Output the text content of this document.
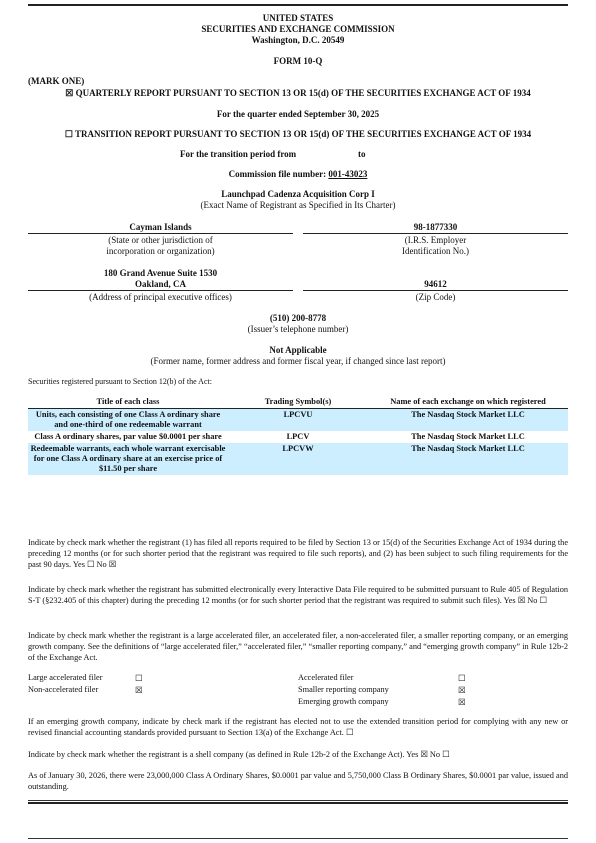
UNITED STATES
SECURITIES AND EXCHANGE COMMISSION
Washington, D.C. 20549
FORM 10-Q
(MARK ONE)
☒ QUARTERLY REPORT PURSUANT TO SECTION 13 OR 15(d) OF THE SECURITIES EXCHANGE ACT OF 1934
For the quarter ended September 30, 2025
☐ TRANSITION REPORT PURSUANT TO SECTION 13 OR 15(d) OF THE SECURITIES EXCHANGE ACT OF 1934
For the transition period from	to
Commission file number: 001-43023
Launchpad Cadenza Acquisition Corp I
(Exact Name of Registrant as Specified in Its Charter)
Cayman Islands
(State or other jurisdiction of
incorporation or organization)
98-1877330
(I.R.S. Employer
Identification No.)
180 Grand Avenue Suite 1530
Oakland, CA
(Address of principal executive offices)
94612
(Zip Code)
(510) 200-8778
(Issuer’s telephone number)
Not Applicable
(Former name, former address and former fiscal year, if changed since last report)
Securities registered pursuant to Section 12(b) of the Act:
Title of each class	Trading Symbol(s)	Name of each exchange on which registered
Units, each consisting of one Class A ordinary share and one-third of one redeemable warrant	LPCVU	The Nasdaq Stock Market LLC
Class A ordinary shares, par value $0.0001 per share	LPCV	The Nasdaq Stock Market LLC
Redeemable warrants, each whole warrant exercisable for one Class A ordinary share at an exercise price of $11.50 per share	LPCVW	The Nasdaq Stock Market LLC
Indicate by check mark whether the registrant (1) has filed all reports required to be filed by Section 13 or 15(d) of the Securities Exchange Act of 1934 during the preceding 12 months (or for such shorter period that the registrant was required to file such reports), and (2) has been subject to such filing requirements for the past 90 days. Yes ☐ No ☒
Indicate by check mark whether the registrant has submitted electronically every Interactive Data File required to be submitted pursuant to Rule 405 of Regulation S-T (§232.405 of this chapter) during the preceding 12 months (or for such shorter period that the registrant was required to submit such files). Yes ☒ No ☐
Indicate by check mark whether the registrant is a large accelerated filer, an accelerated filer, a non-accelerated filer, a smaller reporting company, or an emerging growth company. See the definitions of “large accelerated filer,” “accelerated filer,” “smaller reporting company,” and “emerging growth company” in Rule 12b-2 of the Exchange Act.
Large accelerated filer	☐	Accelerated filer	☐
Non-accelerated filer	☒	Smaller reporting company	☒
Emerging growth company	☒
If an emerging growth company, indicate by check mark if the registrant has elected not to use the extended transition period for complying with any new or revised financial accounting standards provided pursuant to Section 13(a) of the Exchange Act. ☐
Indicate by check mark whether the registrant is a shell company (as defined in Rule 12b-2 of the Exchange Act). Yes ☒ No ☐
As of January 30, 2026, there were 23,000,000 Class A Ordinary Shares, $0.0001 par value and 5,750,000 Class B Ordinary Shares, $0.0001 par value, issued and outstanding.
